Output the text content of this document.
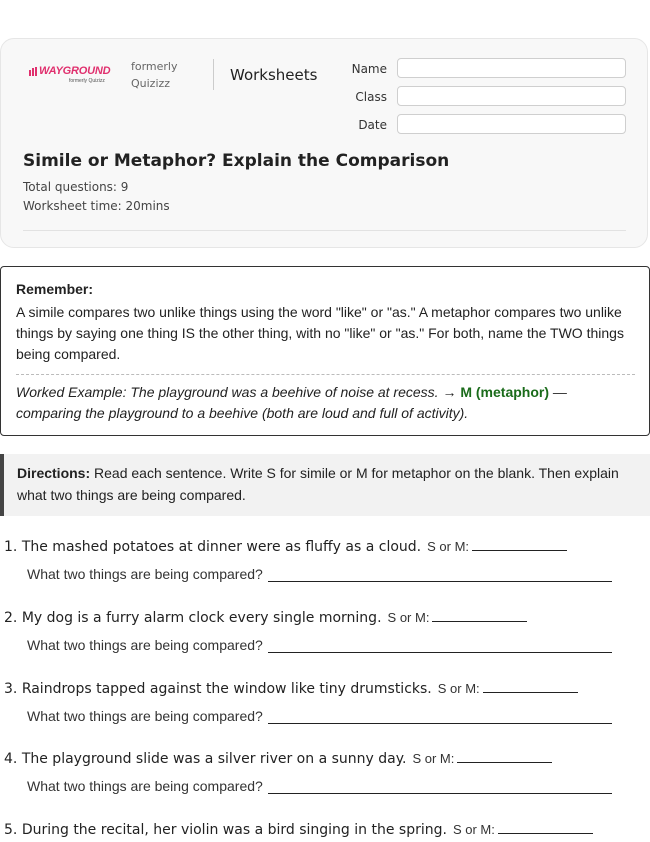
WAYGROUND
formerly Quizizz
formerly
Quizizz	Worksheets	Name
Class
Date
Simile or Metaphor? Explain the Comparison
Total questions: 9
Worksheet time: 20mins
Remember:
A simile compares two unlike things using the word "like" or "as." A metaphor compares two unlike things by saying one thing IS the other thing, with no "like" or "as." For both, name the TWO things being compared.
Worked Example: The playground was a beehive of noise at recess. → M (metaphor) — comparing the playground to a beehive (both are loud and full of activity).
Directions: Read each sentence. Write S for simile or M for metaphor on the blank. Then explain what two things are being compared.
1. The mashed potatoes at dinner were as fluffy as a cloud. S or M:
What two things are being compared?
2. My dog is a furry alarm clock every single morning. S or M:
What two things are being compared?
3. Raindrops tapped against the window like tiny drumsticks. S or M:
What two things are being compared?
4. The playground slide was a silver river on a sunny day. S or M:
What two things are being compared?
5. During the recital, her violin was a bird singing in the spring. S or M:
